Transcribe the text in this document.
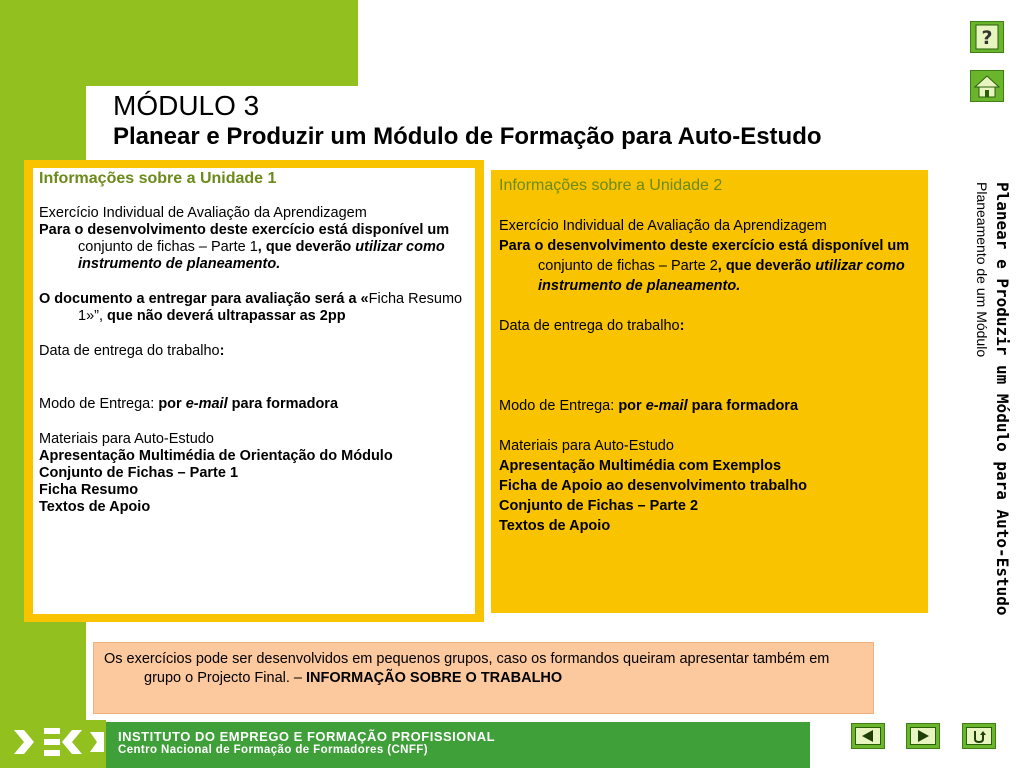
MÓDULO 3
Planear e Produzir um Módulo de Formação para Auto-Estudo
?
Informações sobre a Unidade 1
Exercício Individual de Avaliação da Aprendizagem
Para o desenvolvimento deste exercício está disponível um conjunto de fichas – Parte 1, que deverão utilizar como instrumento de planeamento.
O documento a entregar para avaliação será a «Ficha Resumo 1»”, que não deverá ultrapassar as 2pp
Data de entrega do trabalho:
Modo de Entrega: por e-mail para formadora
Materiais para Auto-Estudo
Apresentação Multimédia de Orientação do Módulo
Conjunto de Fichas – Parte 1
Ficha Resumo
Textos de Apoio
Informações sobre a Unidade 2
Exercício Individual de Avaliação da Aprendizagem
Para o desenvolvimento deste exercício está disponível um conjunto de fichas – Parte 2, que deverão utilizar como instrumento de planeamento.
Data de entrega do trabalho:
Modo de Entrega: por e-mail para formadora
Materiais para Auto-Estudo
Apresentação Multimédia com Exemplos
Ficha de Apoio ao desenvolvimento trabalho
Conjunto de Fichas – Parte 2
Textos de Apoio	Planear e Produzir um Módulo para Auto-Estudo
Planeamento de um Módulo
Os exercícios pode ser desenvolvidos em pequenos grupos, caso os formandos queiram apresentar também em grupo o Projecto Final. – INFORMAÇÃO SOBRE O TRABALHO
INSTITUTO DO EMPREGO E FORMAÇÃO PROFISSIONAL
Centro Nacional de Formação de Formadores (CNFF)
